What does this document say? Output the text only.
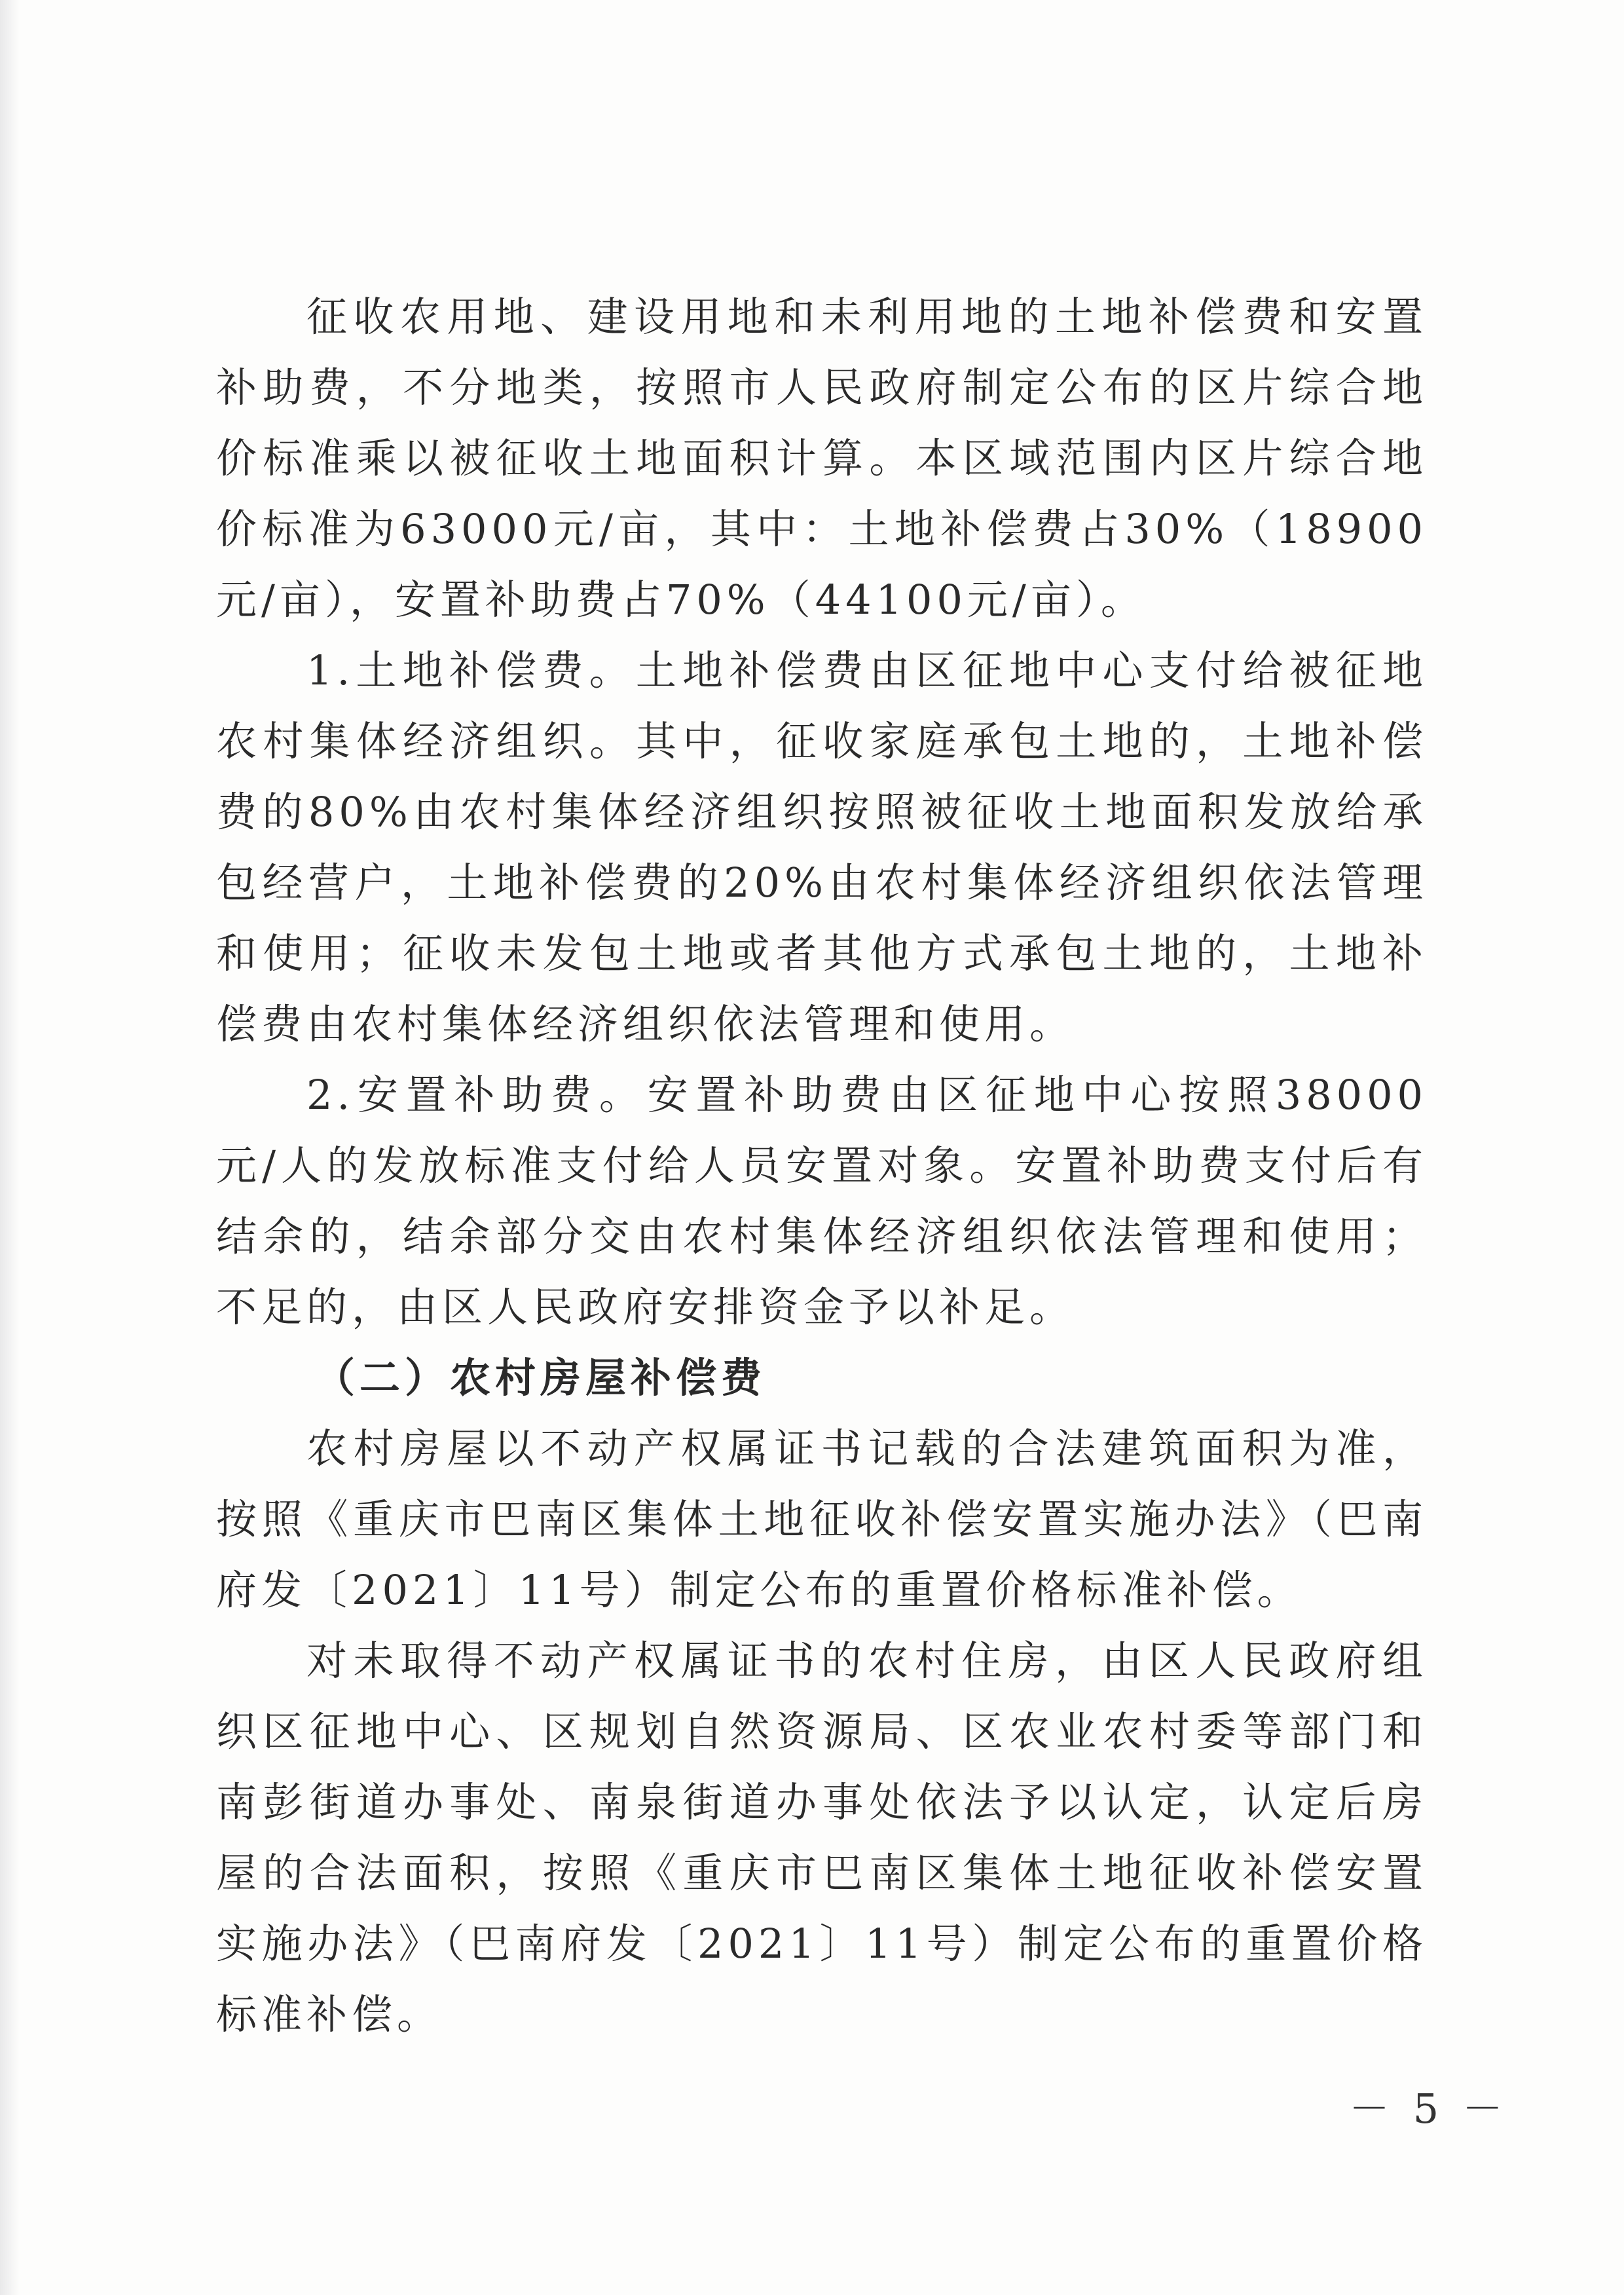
征收农用地、建设用地和未利用地的土地补偿费和安置补助费，不分地类，按照市人民政府制定公布的区片综合地价标准乘以被征收土地面积计算。本区域范围内区片综合地价标准为63000元/亩，其中：土地补偿费占30%（18900元/亩），安置补助费占70%（44100元/亩）。

1.土地补偿费。土地补偿费由区征地中心支付给被征地农村集体经济组织。其中，征收家庭承包土地的，土地补偿费的80%由农村集体经济组织按照被征收土地面积发放给承包经营户，土地补偿费的20%由农村集体经济组织依法管理和使用；征收未发包土地或者其他方式承包土地的，土地补偿费由农村集体经济组织依法管理和使用。

2.安置补助费。安置补助费由区征地中心按照38000元/人的发放标准支付给人员安置对象。安置补助费支付后有结余的，结余部分交由农村集体经济组织依法管理和使用；不足的，由区人民政府安排资金予以补足。

（二）农村房屋补偿费

农村房屋以不动产权属证书记载的合法建筑面积为准，按照《重庆市巴南区集体土地征收补偿安置实施办法》（巴南府发〔2021〕11号）制定公布的重置价格标准补偿。

对未取得不动产权属证书的农村住房，由区人民政府组织区征地中心、区规划自然资源局、区农业农村委等部门和南彭街道办事处、南泉街道办事处依法予以认定，认定后房屋的合法面积，按照《重庆市巴南区集体土地征收补偿安置实施办法》（巴南府发〔2021〕11号）制定公布的重置价格标准补偿。

－ 5 －
